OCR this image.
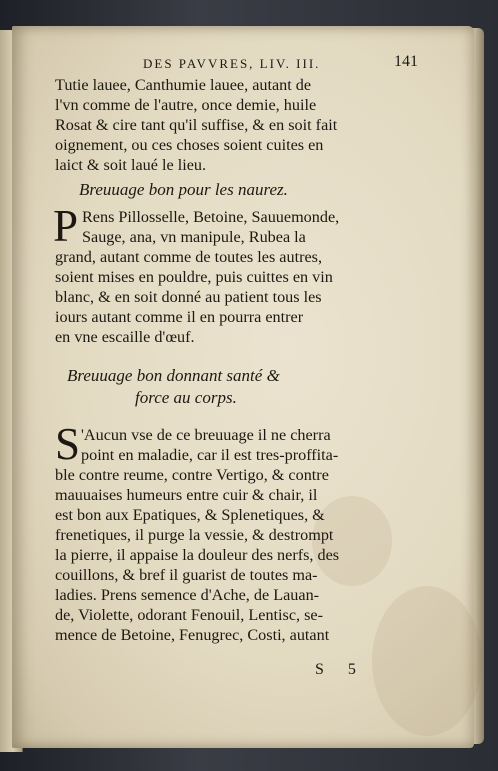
DES PAVVRES, LIV. III.	141
Tutie lauee, Canthumie lauee, autant de
l'vn comme de l'autre, once demie, huile
Rosat & cire tant qu'il suffise, & en soit fait
oignement, ou ces choses soient cuites en
laict & soit laué le lieu.
Breuuage bon pour les naurez.
P Rens Pillosselle, Betoine, Sauuemonde,
Sauge, ana, vn manipule, Rubea la
grand, autant comme de toutes les autres,
soient mises en pouldre, puis cuittes en vin
blanc, & en soit donné au patient tous les
iours autant comme il en pourra entrer
en vne escaille d'œuf.
Breuuage bon donnant santé &
force au corps.
S 'Aucun vse de ce breuuage il ne cherra
point en maladie, car il est tres-proffita-
ble contre reume, contre Vertigo, & contre
mauuaises humeurs entre cuir & chair, il
est bon aux Epatiques, & Splenetiques, &
frenetiques, il purge la vessie, & destrompt
la pierre, il appaise la douleur des nerfs, des
couillons, & bref il guarist de toutes ma-
ladies. Prens semence d'Ache, de Lauan-
de, Violette, odorant Fenouil, Lentisc, se-
mence de Betoine, Fenugrec, Costi, autant
S 5
